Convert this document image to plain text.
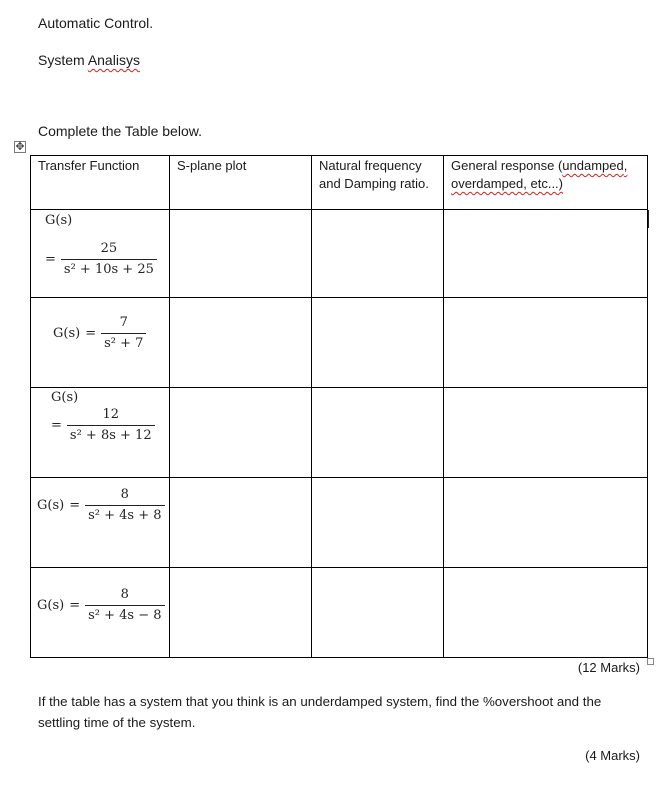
Automatic Control.
System Analisys
Complete the Table below.
✥
Transfer Function	S-plane plot	Natural frequency and Damping ratio.	General response (undamped, overdamped, etc...)

G(s)
= $\frac{25}{\text{s² + 10s + 25}}$

$G(s) = \frac{7}{\text{s² + 7}}$

G(s)
= $\frac{12}{\text{s² + 8s + 12}}$

$G(s) = \frac{8}{\text{s² + 4s + 8}}$

$G(s) = \frac{8}{\text{s² + 4s − 8}}$

(12 Marks)
If the table has a system that you think is an underdamped system, find the %overshoot and the
settling time of the system.
(4 Marks)
